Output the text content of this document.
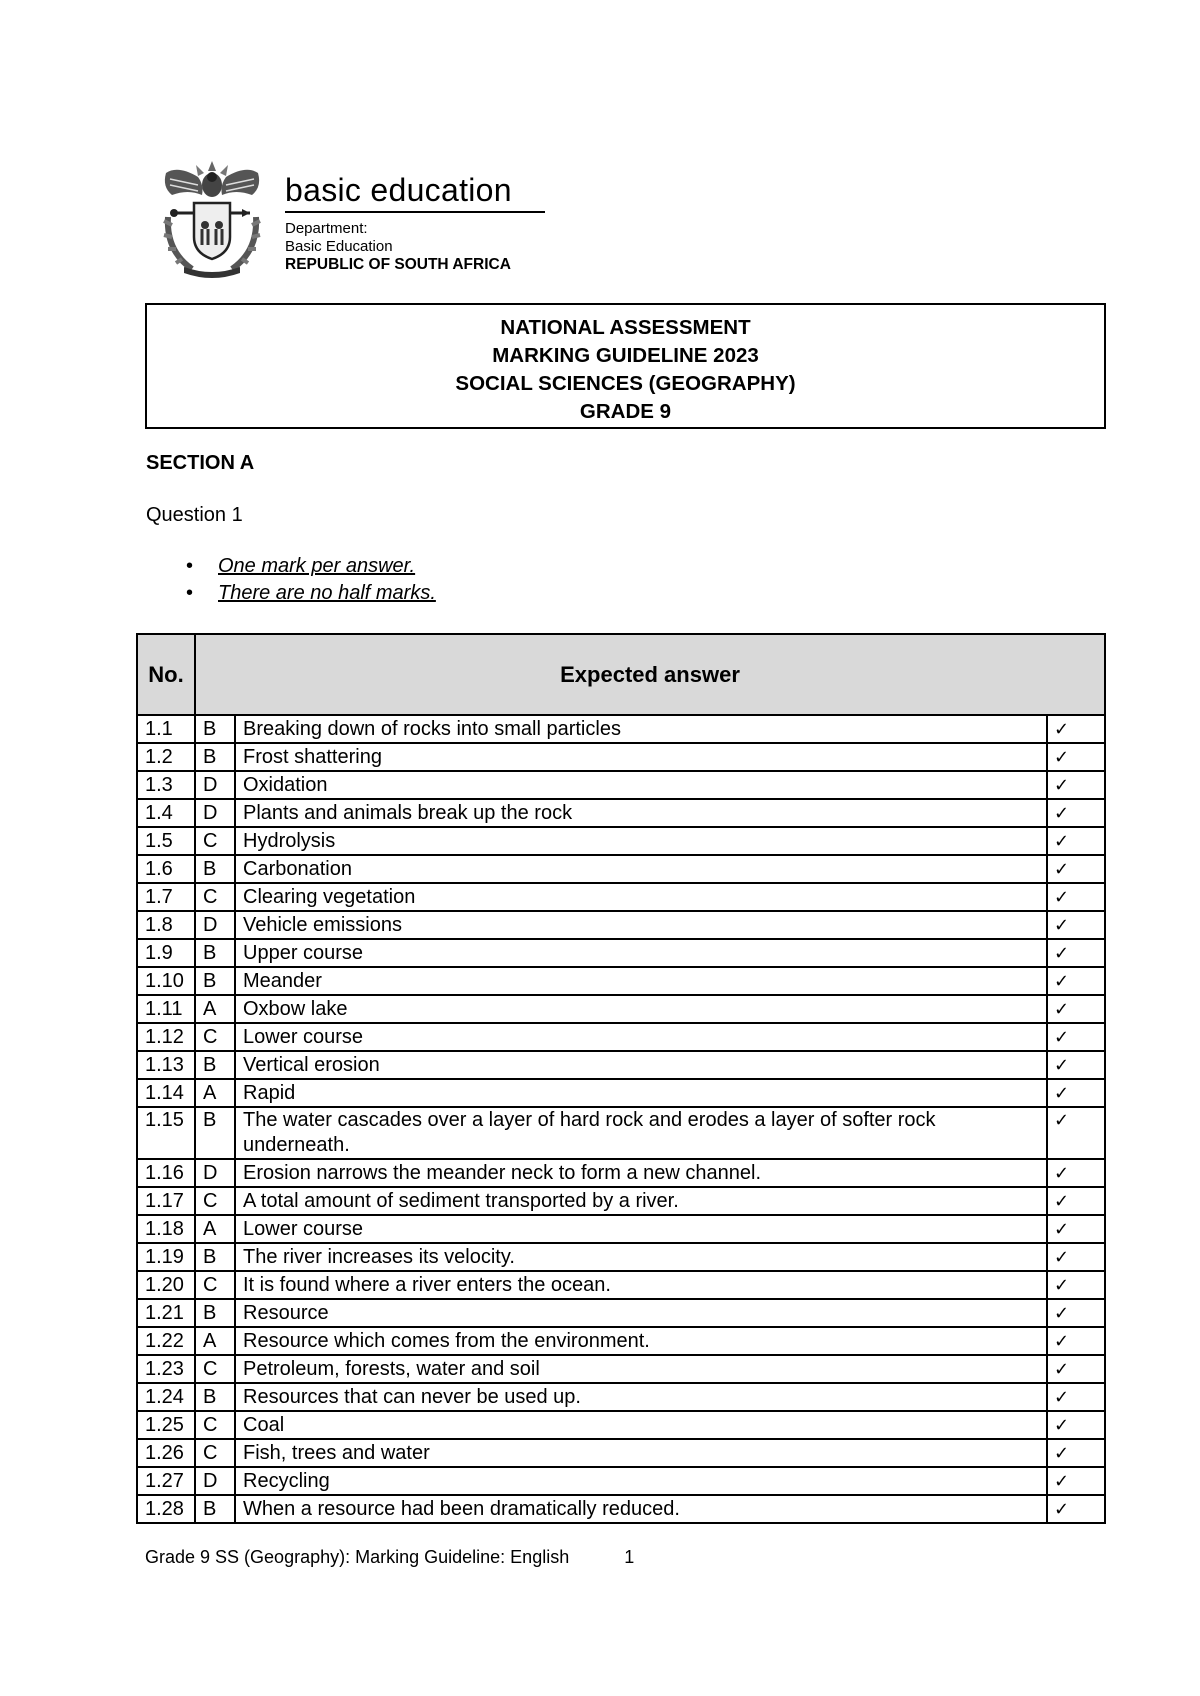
basic education
Department:
Basic Education
REPUBLIC OF SOUTH AFRICA
NATIONAL ASSESSMENT
MARKING GUIDELINE 2023
SOCIAL SCIENCES (GEOGRAPHY)
GRADE 9
SECTION A
Question 1
• One mark per answer.
• There are no half marks.
No.	Expected answer		
1.1	B	Breaking down of rocks into small particles	✓
1.2	B	Frost shattering	✓
1.3	D	Oxidation	✓
1.4	D	Plants and animals break up the rock	✓
1.5	C	Hydrolysis	✓
1.6	B	Carbonation	✓
1.7	C	Clearing vegetation	✓
1.8	D	Vehicle emissions	✓
1.9	B	Upper course	✓
1.10	B	Meander	✓
1.11	A	Oxbow lake	✓
1.12	C	Lower course	✓
1.13	B	Vertical erosion	✓
1.14	A	Rapid	✓
1.15	B	The water cascades over a layer of hard rock and erodes a layer of softer rock underneath.	✓
1.16	D	Erosion narrows the meander neck to form a new channel.	✓
1.17	C	A total amount of sediment transported by a river.	✓
1.18	A	Lower course	✓
1.19	B	The river increases its velocity.	✓
1.20	C	It is found where a river enters the ocean.	✓
1.21	B	Resource	✓
1.22	A	Resource which comes from the environment.	✓
1.23	C	Petroleum, forests, water and soil	✓
1.24	B	Resources that can never be used up.	✓
1.25	C	Coal	✓
1.26	C	Fish, trees and water	✓
1.27	D	Recycling	✓
1.28	B	When a resource had been dramatically reduced.	✓
Grade 9 SS (Geography): Marking Guideline: English	1
